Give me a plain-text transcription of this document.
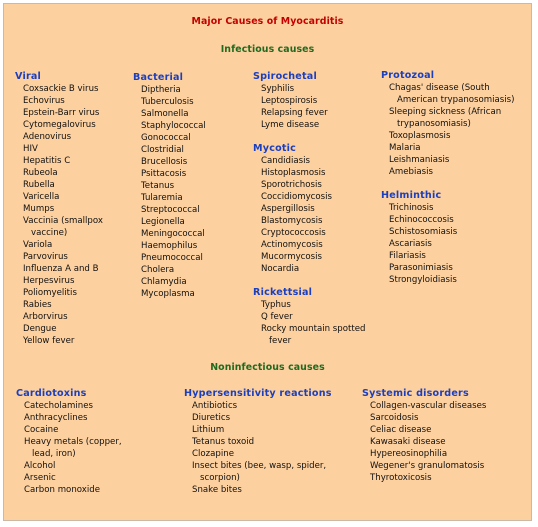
Major Causes of Myocarditis
Infectious causes
Viral
Coxsackie B virus
Echovirus
Epstein-Barr virus
Cytomegalovirus
Adenovirus
HIV
Hepatitis C
Rubeola
Rubella
Varicella
Mumps
Vaccinia (smallpox vaccine)
Variola
Parvovirus
Influenza A and B
Herpesvirus
Poliomyelitis
Rabies
Arborvirus
Dengue
Yellow fever
Bacterial
Diptheria
Tuberculosis
Salmonella
Staphylococcal
Gonococcal
Clostridial
Brucellosis
Psittacosis
Tetanus
Tularemia
Streptococcal
Legionella
Meningococcal
Haemophilus
Pneumococcal
Cholera
Chlamydia
Mycoplasma
Spirochetal
Syphilis
Leptospirosis
Relapsing fever
Lyme disease
Mycotic
Candidiasis
Histoplasmosis
Sporotrichosis
Coccidiomycosis
Aspergillosis
Blastomycosis
Cryptococcosis
Actinomycosis
Mucormycosis
Nocardia
Rickettsial
Typhus
Q fever
Rocky mountain spotted fever
Protozoal
Chagas' disease (South American trypanosomiasis)
Sleeping sickness (African trypanosomiasis)
Toxoplasmosis
Malaria
Leishmaniasis
Amebiasis
Helminthic
Trichinosis
Echinococcosis
Schistosomiasis
Ascariasis
Filariasis
Parasonimiasis
Strongyloidiasis
Noninfectious causes
Cardiotoxins
Catecholamines
Anthracyclines
Cocaine
Heavy metals (copper, lead, iron)
Alcohol
Arsenic
Carbon monoxide
Hypersensitivity reactions
Antibiotics
Diuretics
Lithium
Tetanus toxoid
Clozapine
Insect bites (bee, wasp, spider, scorpion)
Snake bites
Systemic disorders
Collagen-vascular diseases
Sarcoidosis
Celiac disease
Kawasaki disease
Hypereosinophilia
Wegener's granulomatosis
Thyrotoxicosis
